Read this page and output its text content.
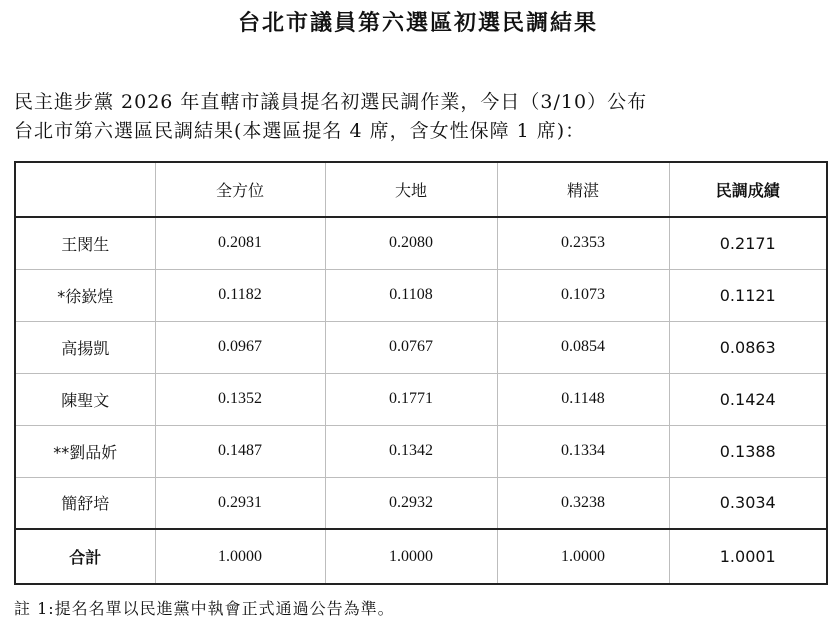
台北市議員第六選區初選民調結果
民主進步黨 2026 年直轄市議員提名初選民調作業，今日（3/10）公布
台北市第六選區民調結果(本選區提名 4 席，含女性保障 1 席)：
	全方位	大地	精湛	民調成績
王閔生	0.2081	0.2080	0.2353	0.2171
*徐嶔煌	0.1182	0.1108	0.1073	0.1121
高揚凱	0.0967	0.0767	0.0854	0.0863
陳聖文	0.1352	0.1771	0.1148	0.1424
**劉品妡	0.1487	0.1342	0.1334	0.1388
簡舒培	0.2931	0.2932	0.3238	0.3034
合計	1.0000	1.0000	1.0000	1.0001
註 1:提名名單以民進黨中執會正式通過公告為準。
